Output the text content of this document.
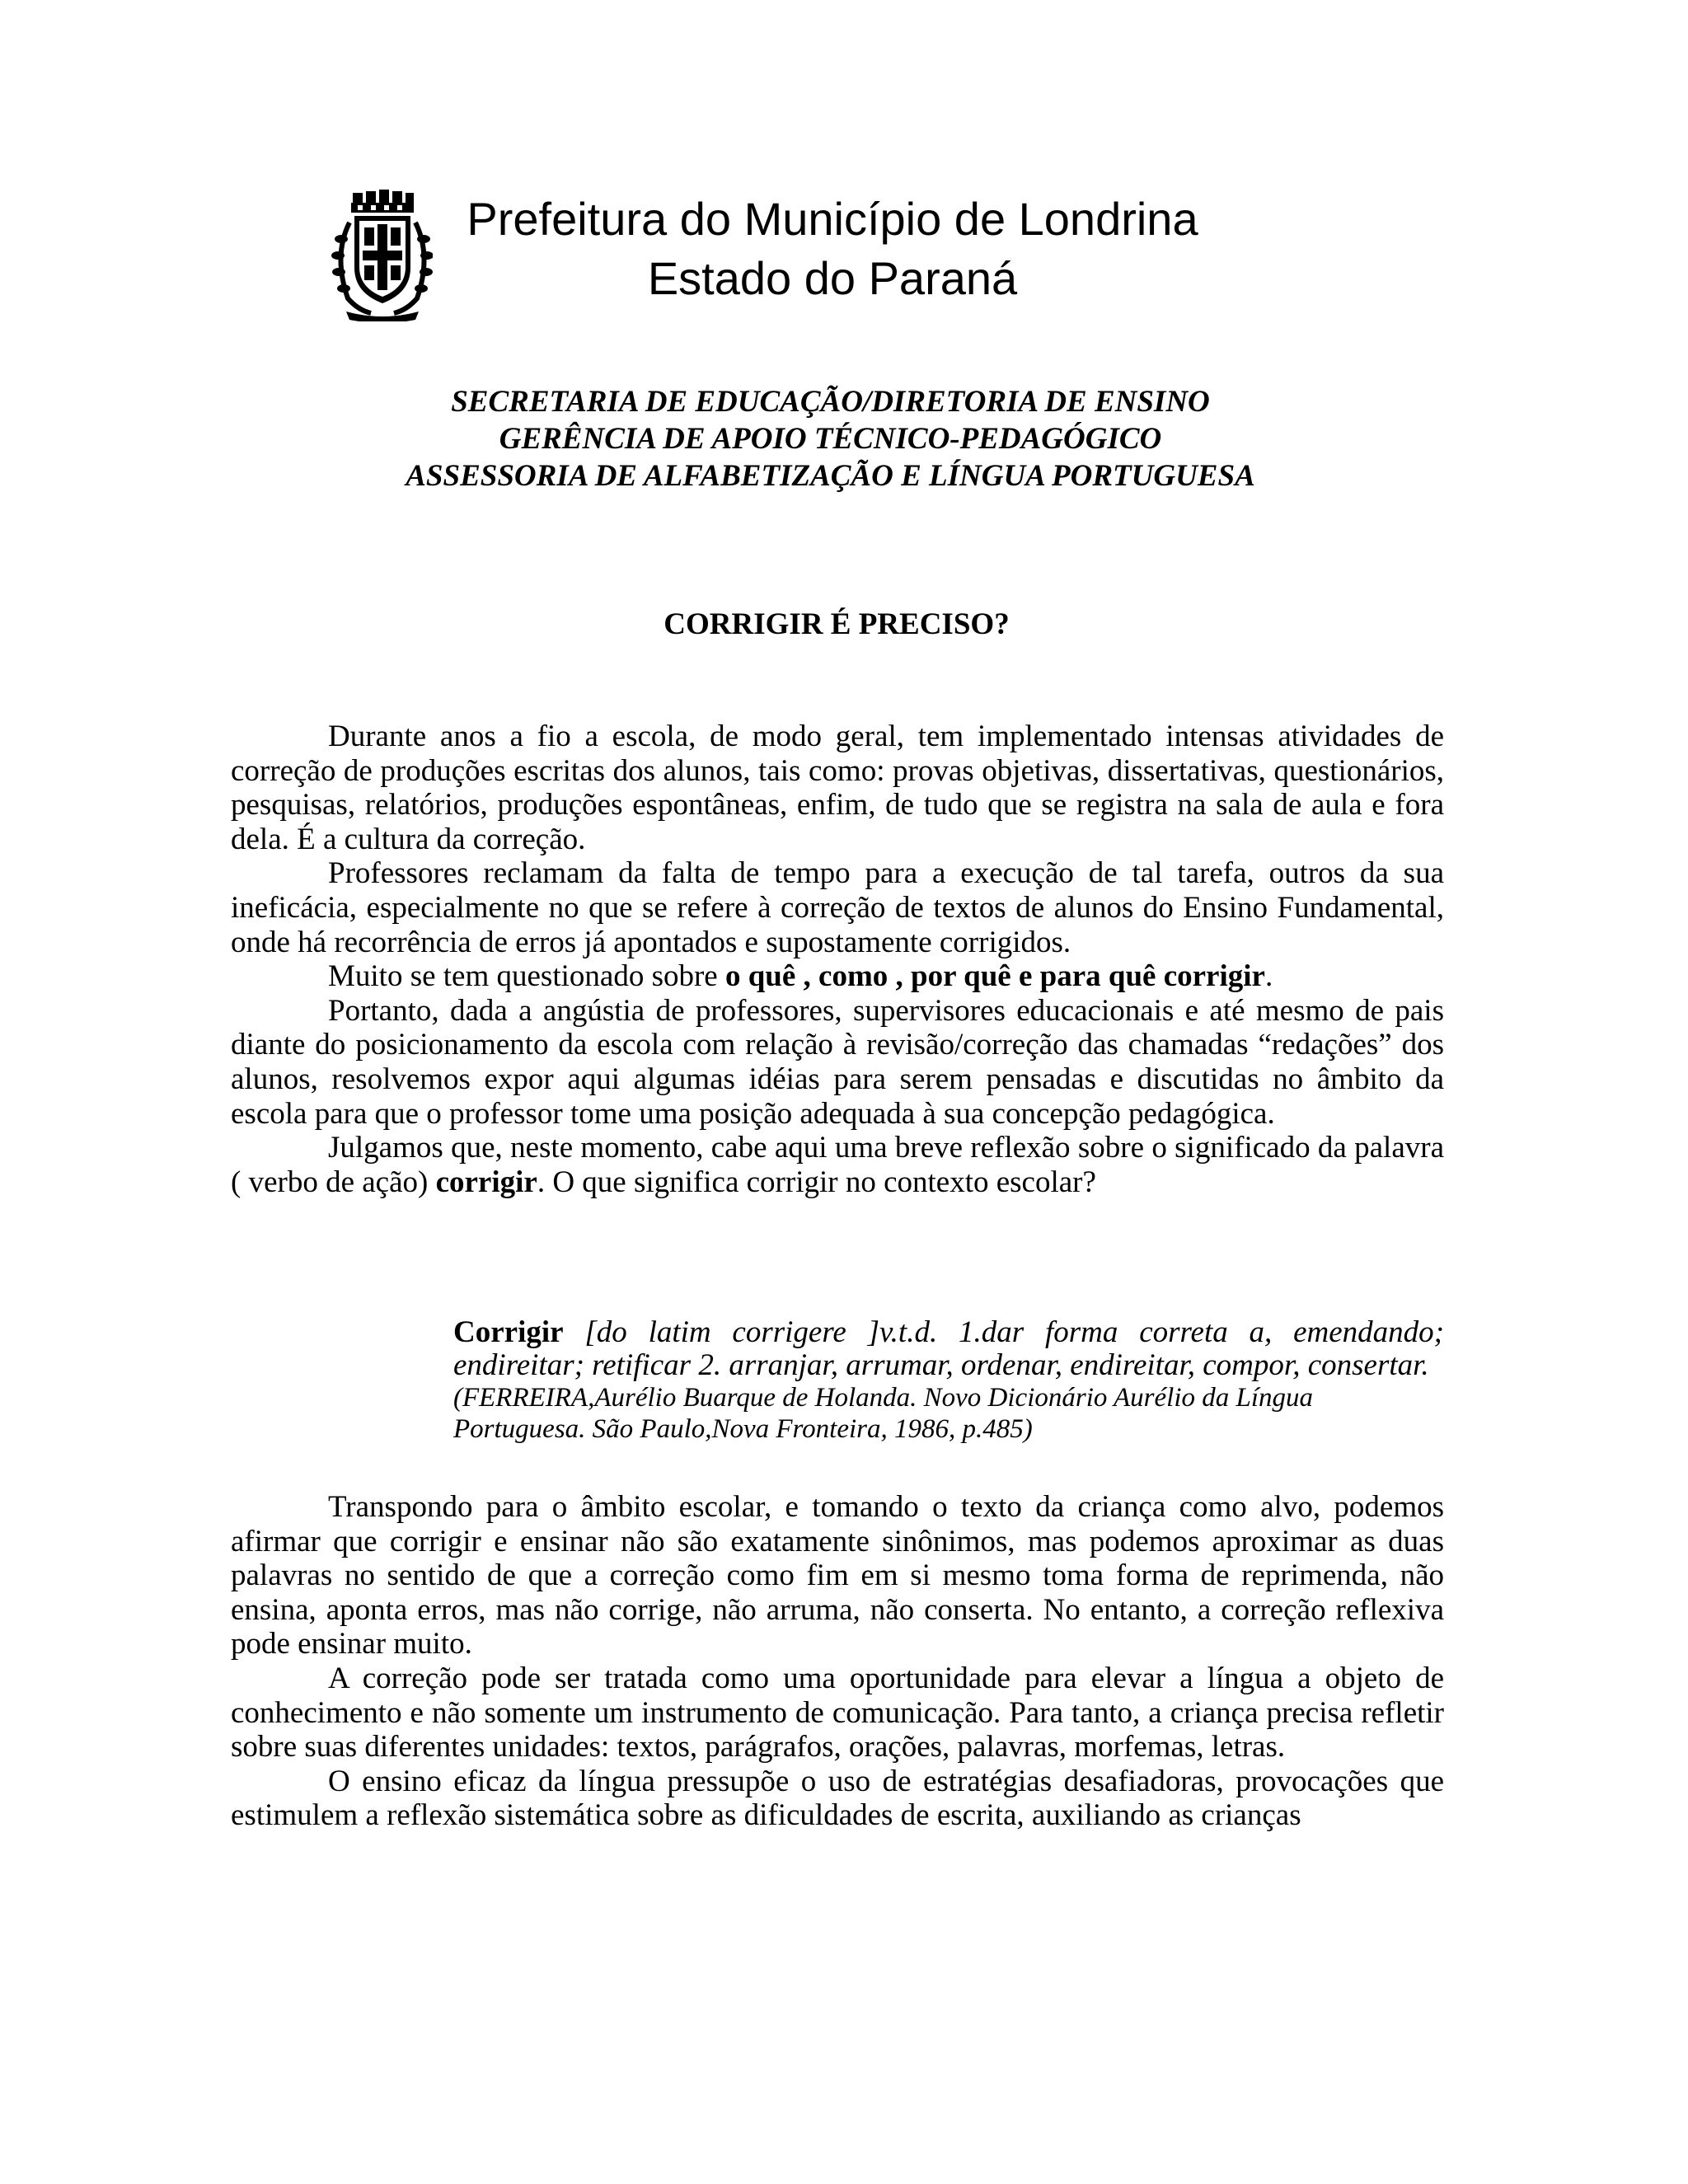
Prefeitura do Município de Londrina
Estado do Paraná
SECRETARIA DE EDUCAÇÃO/DIRETORIA DE ENSINO
GERÊNCIA DE APOIO TÉCNICO-PEDAGÓGICO
ASSESSORIA DE ALFABETIZAÇÃO E LÍNGUA PORTUGUESA
CORRIGIR É PRECISO?

Durante anos a fio a escola, de modo geral, tem implementado intensas atividades de correção de produções escritas dos alunos, tais como: provas objetivas, dissertativas, questionários, pesquisas, relatórios, produções espontâneas, enfim, de tudo que se registra na sala de aula e fora dela. É a cultura da correção.

Professores reclamam da falta de tempo para a execução de tal tarefa, outros da sua ineficácia, especialmente no que se refere à correção de textos de alunos do Ensino Fundamental, onde há recorrência de erros já apontados e supostamente corrigidos.

Muito se tem questionado sobre o quê , como , por quê e para quê corrigir.

Portanto, dada a angústia de professores, supervisores educacionais e até mesmo de pais diante do posicionamento da escola com relação à revisão/correção das chamadas “redações” dos alunos, resolvemos expor aqui algumas idéias para serem pensadas e discutidas no âmbito da escola para que o professor tome uma posição adequada à sua concepção pedagógica.

Julgamos que, neste momento, cabe aqui uma breve reflexão sobre o significado da palavra ( verbo de ação) corrigir. O que significa corrigir no contexto escolar?

Corrigir [do latim corrigere ]v.t.d. 1.dar forma correta a, emendando; endireitar; retificar 2. arranjar, arrumar, ordenar, endireitar, compor, consertar.

(FERREIRA,Aurélio Buarque de Holanda. Novo Dicionário Aurélio da Língua Portuguesa. São Paulo,Nova Fronteira, 1986, p.485)

Transpondo para o âmbito escolar, e tomando o texto da criança como alvo, podemos afirmar que corrigir e ensinar não são exatamente sinônimos, mas podemos aproximar as duas palavras no sentido de que a correção como fim em si mesmo toma forma de reprimenda, não ensina, aponta erros, mas não corrige, não arruma, não conserta. No entanto, a correção reflexiva pode ensinar muito.

A correção pode ser tratada como uma oportunidade para elevar a língua a objeto de conhecimento e não somente um instrumento de comunicação. Para tanto, a criança precisa refletir sobre suas diferentes unidades: textos, parágrafos, orações, palavras, morfemas, letras.

O ensino eficaz da língua pressupõe o uso de estratégias desafiadoras, provocações que estimulem a reflexão sistemática sobre as dificuldades de escrita, auxiliando as crianças
